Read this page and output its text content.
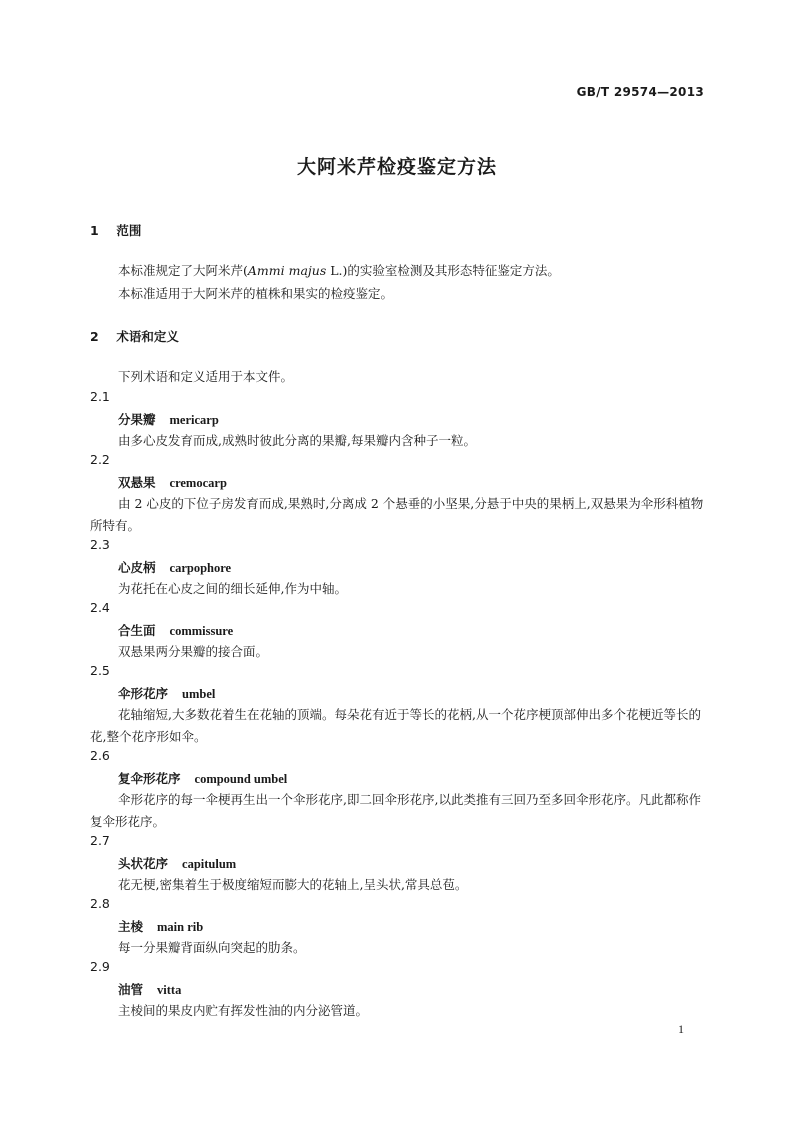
GB/T 29574—2013
大阿米芹检疫鉴定方法
1 范围
本标准规定了大阿米芹(Ammi majus L.)的实验室检测及其形态特征鉴定方法。
本标准适用于大阿米芹的植株和果实的检疫鉴定。
2 术语和定义
下列术语和定义适用于本文件。
2.1
分果瓣 mericarp
由多心皮发育而成,成熟时彼此分离的果瓣,每果瓣内含种子一粒。
2.2
双悬果 cremocarp
由 2 心皮的下位子房发育而成,果熟时,分离成 2 个悬垂的小坚果,分悬于中央的果柄上,双悬果为伞形科植物所特有。
2.3
心皮柄 carpophore
为花托在心皮之间的细长延伸,作为中轴。
2.4
合生面 commissure
双悬果两分果瓣的接合面。
2.5
伞形花序 umbel
花轴缩短,大多数花着生在花轴的顶端。每朵花有近于等长的花柄,从一个花序梗顶部伸出多个花梗近等长的花,整个花序形如伞。
2.6
复伞形花序 compound umbel
伞形花序的每一伞梗再生出一个伞形花序,即二回伞形花序,以此类推有三回乃至多回伞形花序。凡此都称作复伞形花序。
2.7
头状花序 capitulum
花无梗,密集着生于极度缩短而膨大的花轴上,呈头状,常具总苞。
2.8
主棱 main rib
每一分果瓣背面纵向突起的肋条。
2.9
油管 vitta
主棱间的果皮内贮有挥发性油的内分泌管道。
1
